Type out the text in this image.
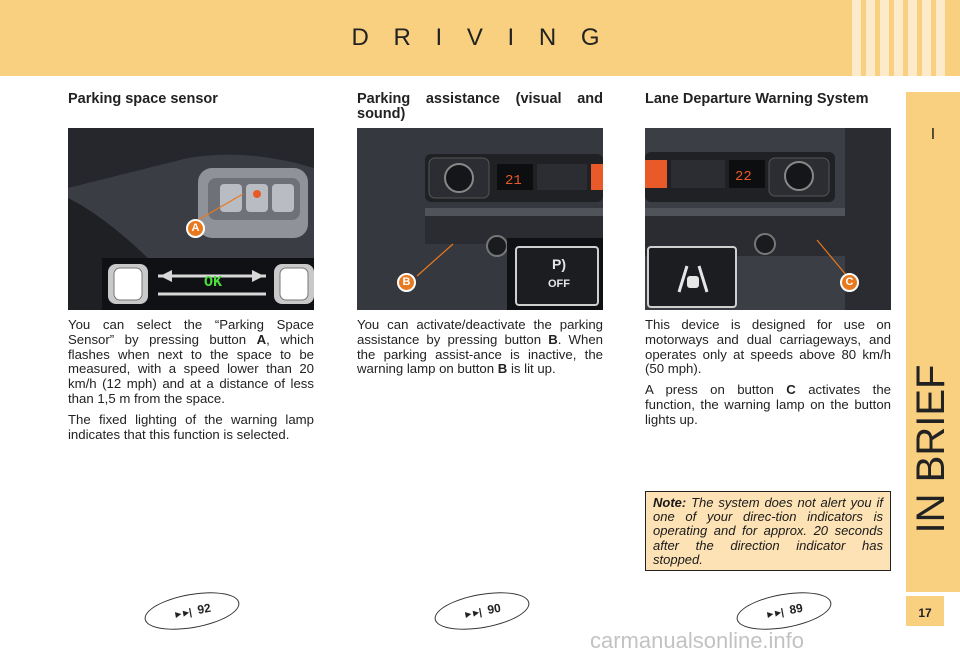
D R I V I N G
I
IN BRIEF
Parking space sensor
OK
A

You can select the “Parking Space Sensor” by pressing button A, which flashes when next to the space to be measured, with a speed lower than 20 km/h (12 mph) and at a distance of less than 1,5 m from the space.

The fixed lighting of the warning lamp indicates that this function is selected.

►►| 92
Parking assistance (visual and sound)
21
P)
OFF
B

You can activate/deactivate the parking assistance by pressing button B. When the parking assist-ance is inactive, the warning lamp on button B is lit up.

►►| 90
Lane Departure Warning System
22
C

This device is designed for use on motorways and dual carriageways, and operates only at speeds above 80 km/h (50 mph).

A press on button C activates the function, the warning lamp on the button lights up.

Note: The system does not alert you if one of your direc-tion indicators is operating and for approx. 20 seconds after the direction indicator has stopped.
►►| 89	17
carmanualsonline.info
